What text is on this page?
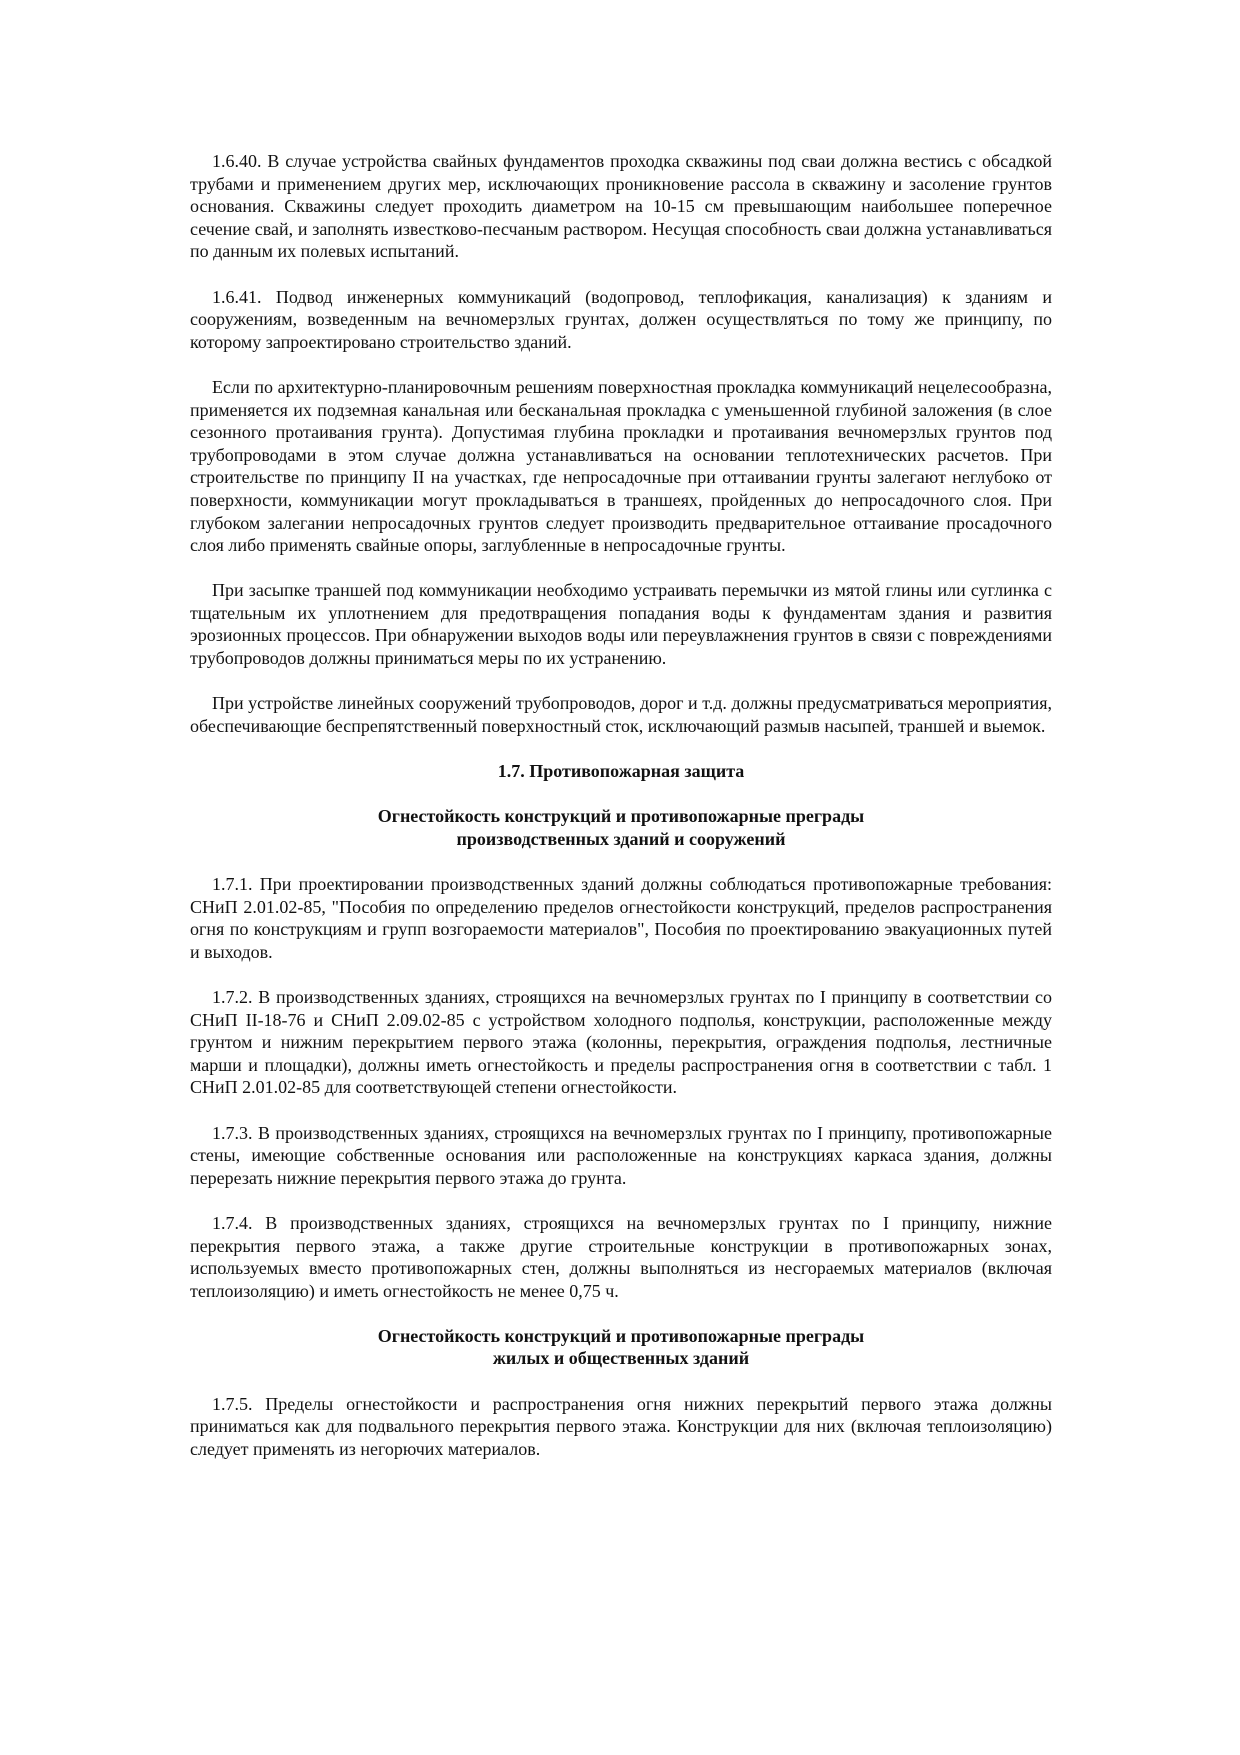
1.6.40. В случае устройства свайных фундаментов проходка скважины под сваи должна вестись с обсадкой трубами и применением других мер, исключающих проникновение рассола в скважину и засоление грунтов основания. Скважины следует проходить диаметром на 10-15 см превышающим наибольшее поперечное сечение свай, и заполнять известково-песчаным раствором. Несущая способность сваи должна устанавливаться по данным их полевых испытаний.

1.6.41. Подвод инженерных коммуникаций (водопровод, теплофикация, канализация) к зданиям и сооружениям, возведенным на вечномерзлых грунтах, должен осуществляться по тому же принципу, по которому запроектировано строительство зданий.

Если по архитектурно-планировочным решениям поверхностная прокладка коммуникаций нецелесообразна, применяется их подземная канальная или бесканальная прокладка с уменьшенной глубиной заложения (в слое сезонного протаивания грунта). Допустимая глубина прокладки и протаивания вечномерзлых грунтов под трубопроводами в этом случае должна устанавливаться на основании теплотехнических расчетов. При строительстве по принципу II на участках, где непросадочные при оттаивании грунты залегают неглубоко от поверхности, коммуникации могут прокладываться в траншеях, пройденных до непросадочного слоя. При глубоком залегании непросадочных грунтов следует производить предварительное оттаивание просадочного слоя либо применять свайные опоры, заглубленные в непросадочные грунты.

При засыпке траншей под коммуникации необходимо устраивать перемычки из мятой глины или суглинка с тщательным их уплотнением для предотвращения попадания воды к фундаментам здания и развития эрозионных процессов. При обнаружении выходов воды или переувлажнения грунтов в связи с повреждениями трубопроводов должны приниматься меры по их устранению.

При устройстве линейных сооружений трубопроводов, дорог и т.д. должны предусматриваться мероприятия, обеспечивающие беспрепятственный поверхностный сток, исключающий размыв насыпей, траншей и выемок.

1.7. Противопожарная защита
Огнестойкость конструкций и противопожарные преграды
производственных зданий и сооружений

1.7.1. При проектировании производственных зданий должны соблюдаться противопожарные требования: СНиП 2.01.02-85, "Пособия по определению пределов огнестойкости конструкций, пределов распространения огня по конструкциям и групп возгораемости материалов", Пособия по проектированию эвакуационных путей и выходов.

1.7.2. В производственных зданиях, строящихся на вечномерзлых грунтах по I принципу в соответствии со СНиП II-18-76 и СНиП 2.09.02-85 с устройством холодного подполья, конструкции, расположенные между грунтом и нижним перекрытием первого этажа (колонны, перекрытия, ограждения подполья, лестничные марши и площадки), должны иметь огнестойкость и пределы распространения огня в соответствии с табл. 1 СНиП 2.01.02-85 для соответствующей степени огнестойкости.

1.7.3. В производственных зданиях, строящихся на вечномерзлых грунтах по I принципу, противопожарные стены, имеющие собственные основания или расположенные на конструкциях каркаса здания, должны перерезать нижние перекрытия первого этажа до грунта.

1.7.4. В производственных зданиях, строящихся на вечномерзлых грунтах по I принципу, нижние перекрытия первого этажа, а также другие строительные конструкции в противопожарных зонах, используемых вместо противопожарных стен, должны выполняться из несгораемых материалов (включая теплоизоляцию) и иметь огнестойкость не менее 0,75 ч.

Огнестойкость конструкций и противопожарные преграды
жилых и общественных зданий

1.7.5. Пределы огнестойкости и распространения огня нижних перекрытий первого этажа должны приниматься как для подвального перекрытия первого этажа. Конструкции для них (включая теплоизоляцию) следует применять из негорючих материалов.
